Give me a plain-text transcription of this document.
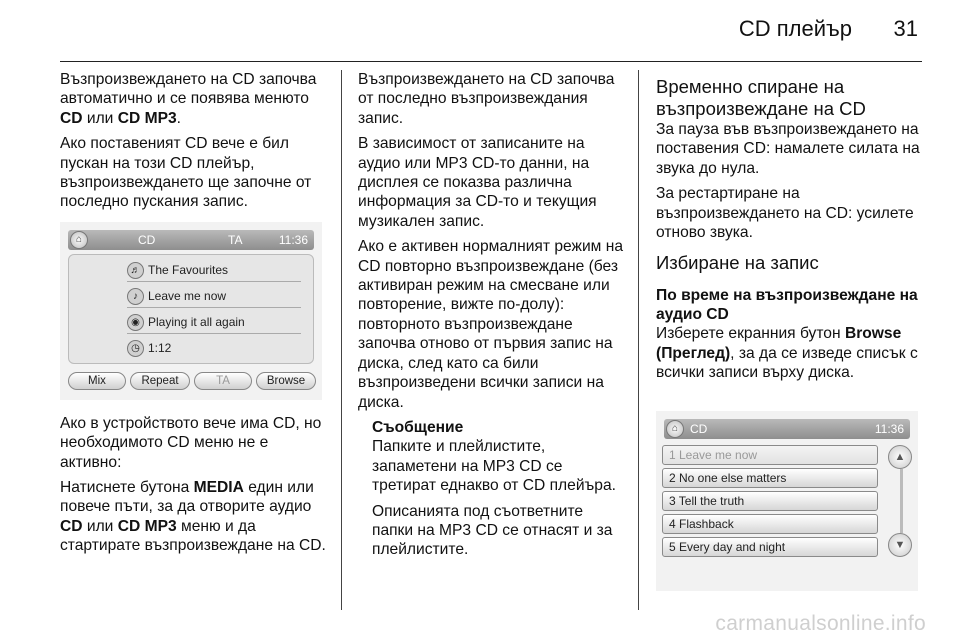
CD плейър 31

Възпроизвеждането на CD започва автоматично и се появява менюто CD или CD MP3.

Ако поставеният CD вече е бил пускан на този CD плейър, възпроизвеждането ще започне от последно пускания запис.

⌂	CD	TA	11:36
♬ The Favourites
♪ Leave me now
◉ Playing it all again
◷ 1:12
Mix	Repeat	TA	Browse

Ако в устройството вече има CD, но необходимото CD меню не е активно:

Натиснете бутона MEDIA един или повече пъти, за да отворите аудио CD или CD MP3 меню и да стартирате възпроизвеждане на CD.

Възпроизвеждането на CD започва от последно възпроизвеждания запис.

В зависимост от записаните на аудио или MP3 CD-то данни, на дисплея се показва различна информация за CD-то и текущия музикален запис.

Ако е активен нормалният режим на CD повторно възпроизвеждане (без активиран режим на смесване или повторение, вижте по-долу): повторното възпроизвеждане започва отново от първия запис на диска, след като са били възпроизведени всички записи на диска.

Съобщение

Папките и плейлистите, запаметени на MP3 CD се третират еднакво от CD плейъра.

Описанията под съответните папки на MP3 CD се отнасят и за плейлистите.

Временно спиране на възпроизвеждане на CD

За пауза във възпроизвеждането на поставения CD: намалете силата на звука до нула.

За рестартиране на възпроизвеждането на CD: усилете отново звука.

Избиране на запис
По време на възпроизвеждане на аудио CD

Изберете екранния бутон Browse (Преглед), за да се изведе списък с всички записи върху диска.

⌂ CD	11:36
1 Leave me now
2 No one else matters
3 Tell the truth
4 Flashback
5 Every day and night
▲
▼
carmanualsonline.info
